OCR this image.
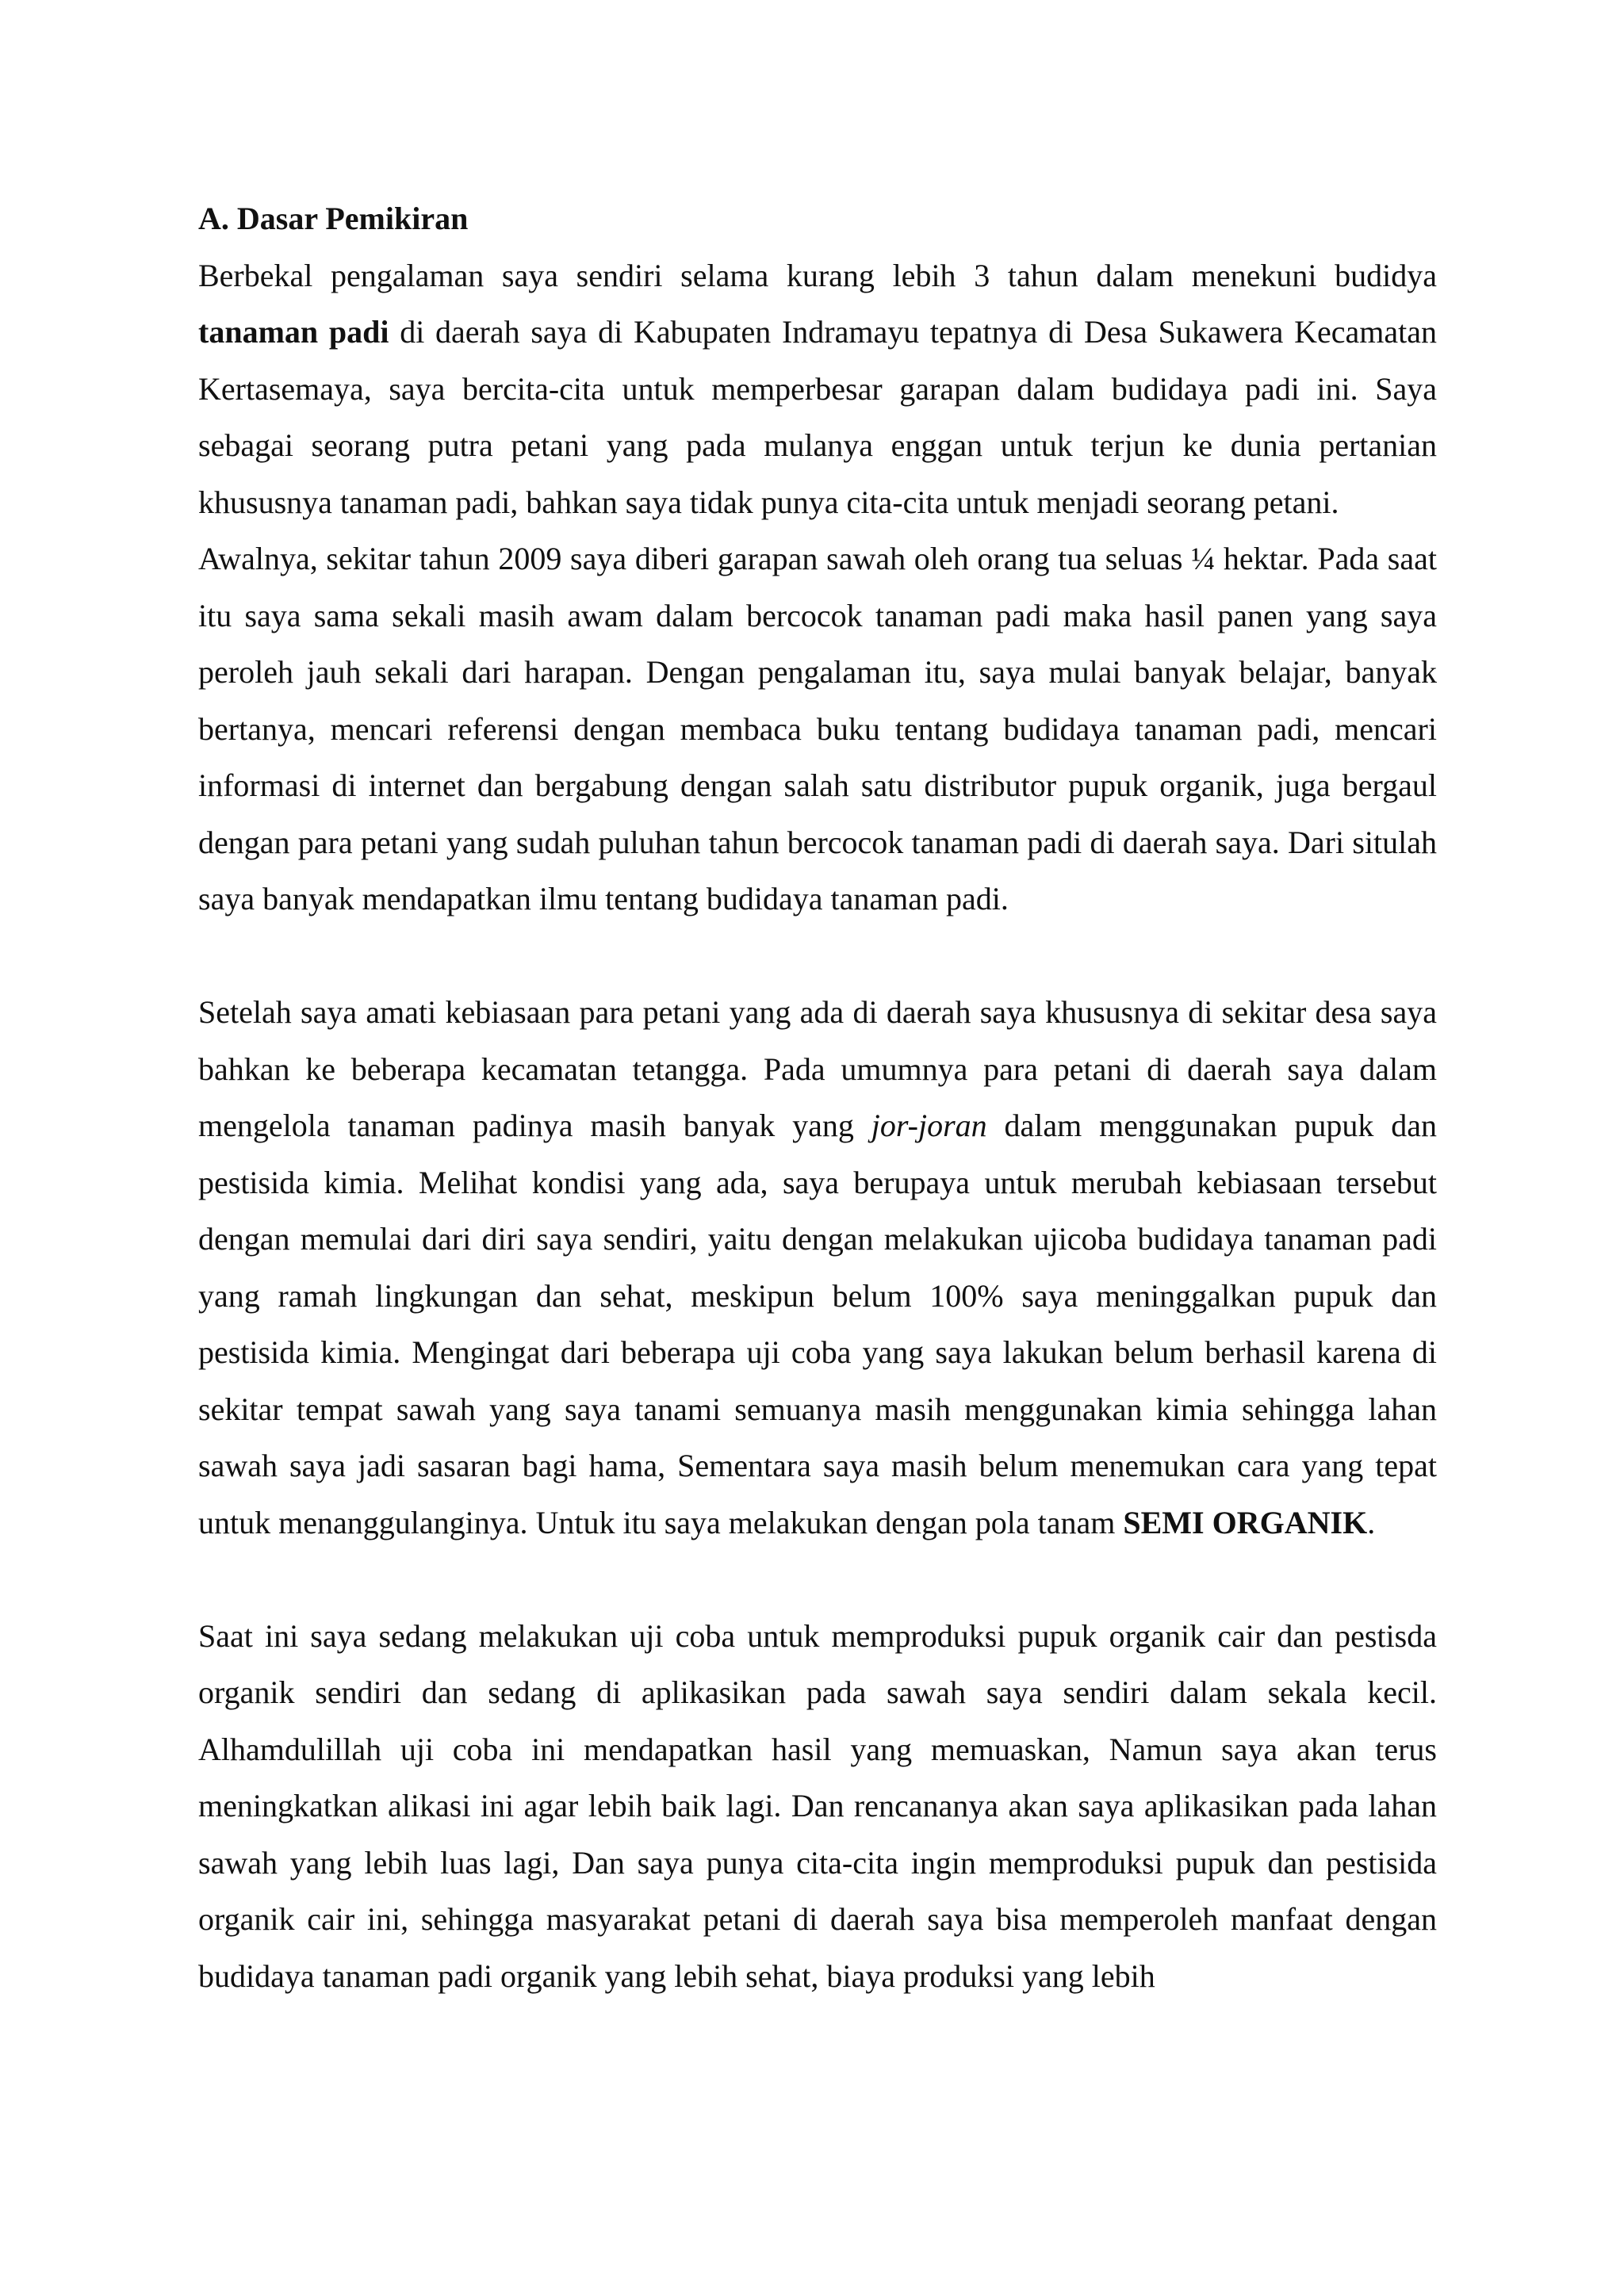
A. Dasar Pemikiran

Berbekal pengalaman saya sendiri selama kurang lebih 3 tahun dalam menekuni budidya tanaman padi di daerah saya di Kabupaten Indramayu tepatnya di Desa Sukawera Kecamatan Kertasemaya, saya bercita-cita untuk memperbesar garapan dalam budidaya padi ini. Saya sebagai seorang putra petani yang pada mulanya enggan untuk terjun ke dunia pertanian khususnya tanaman padi, bahkan saya tidak punya cita-cita untuk menjadi seorang petani.

Awalnya, sekitar tahun 2009 saya diberi garapan sawah oleh orang tua seluas ¼ hektar. Pada saat itu saya sama sekali masih awam dalam bercocok tanaman padi maka hasil panen yang saya peroleh jauh sekali dari harapan. Dengan pengalaman itu, saya mulai banyak belajar, banyak bertanya, mencari referensi dengan membaca buku tentang budidaya tanaman padi, mencari informasi di internet dan bergabung dengan salah satu distributor pupuk organik, juga bergaul dengan para petani yang sudah puluhan tahun bercocok tanaman padi di daerah saya. Dari situlah saya banyak mendapatkan ilmu tentang budidaya tanaman padi.

Setelah saya amati kebiasaan para petani yang ada di daerah saya khususnya di sekitar desa saya bahkan ke beberapa kecamatan tetangga. Pada umumnya para petani di daerah saya dalam mengelola tanaman padinya masih banyak yang jor-joran dalam menggunakan pupuk dan pestisida kimia. Melihat kondisi yang ada, saya berupaya untuk merubah kebiasaan tersebut dengan memulai dari diri saya sendiri, yaitu dengan melakukan ujicoba budidaya tanaman padi yang ramah lingkungan dan sehat, meskipun belum 100% saya meninggalkan pupuk dan pestisida kimia. Mengingat dari beberapa uji coba yang saya lakukan belum berhasil karena di sekitar tempat sawah yang saya tanami semuanya masih menggunakan kimia sehingga lahan sawah saya jadi sasaran bagi hama, Sementara saya masih belum menemukan cara yang tepat untuk menanggulanginya. Untuk itu saya melakukan dengan pola tanam SEMI ORGANIK.

Saat ini saya sedang melakukan uji coba untuk memproduksi pupuk organik cair dan pestisda organik sendiri dan sedang di aplikasikan pada sawah saya sendiri dalam sekala kecil. Alhamdulillah uji coba ini mendapatkan hasil yang memuaskan, Namun saya akan terus meningkatkan alikasi ini agar lebih baik lagi. Dan rencananya akan saya aplikasikan pada lahan sawah yang lebih luas lagi, Dan saya punya cita-cita ingin memproduksi pupuk dan pestisida organik cair ini, sehingga masyarakat petani di daerah saya bisa memperoleh manfaat dengan budidaya tanaman padi organik yang lebih sehat, biaya produksi yang lebih
